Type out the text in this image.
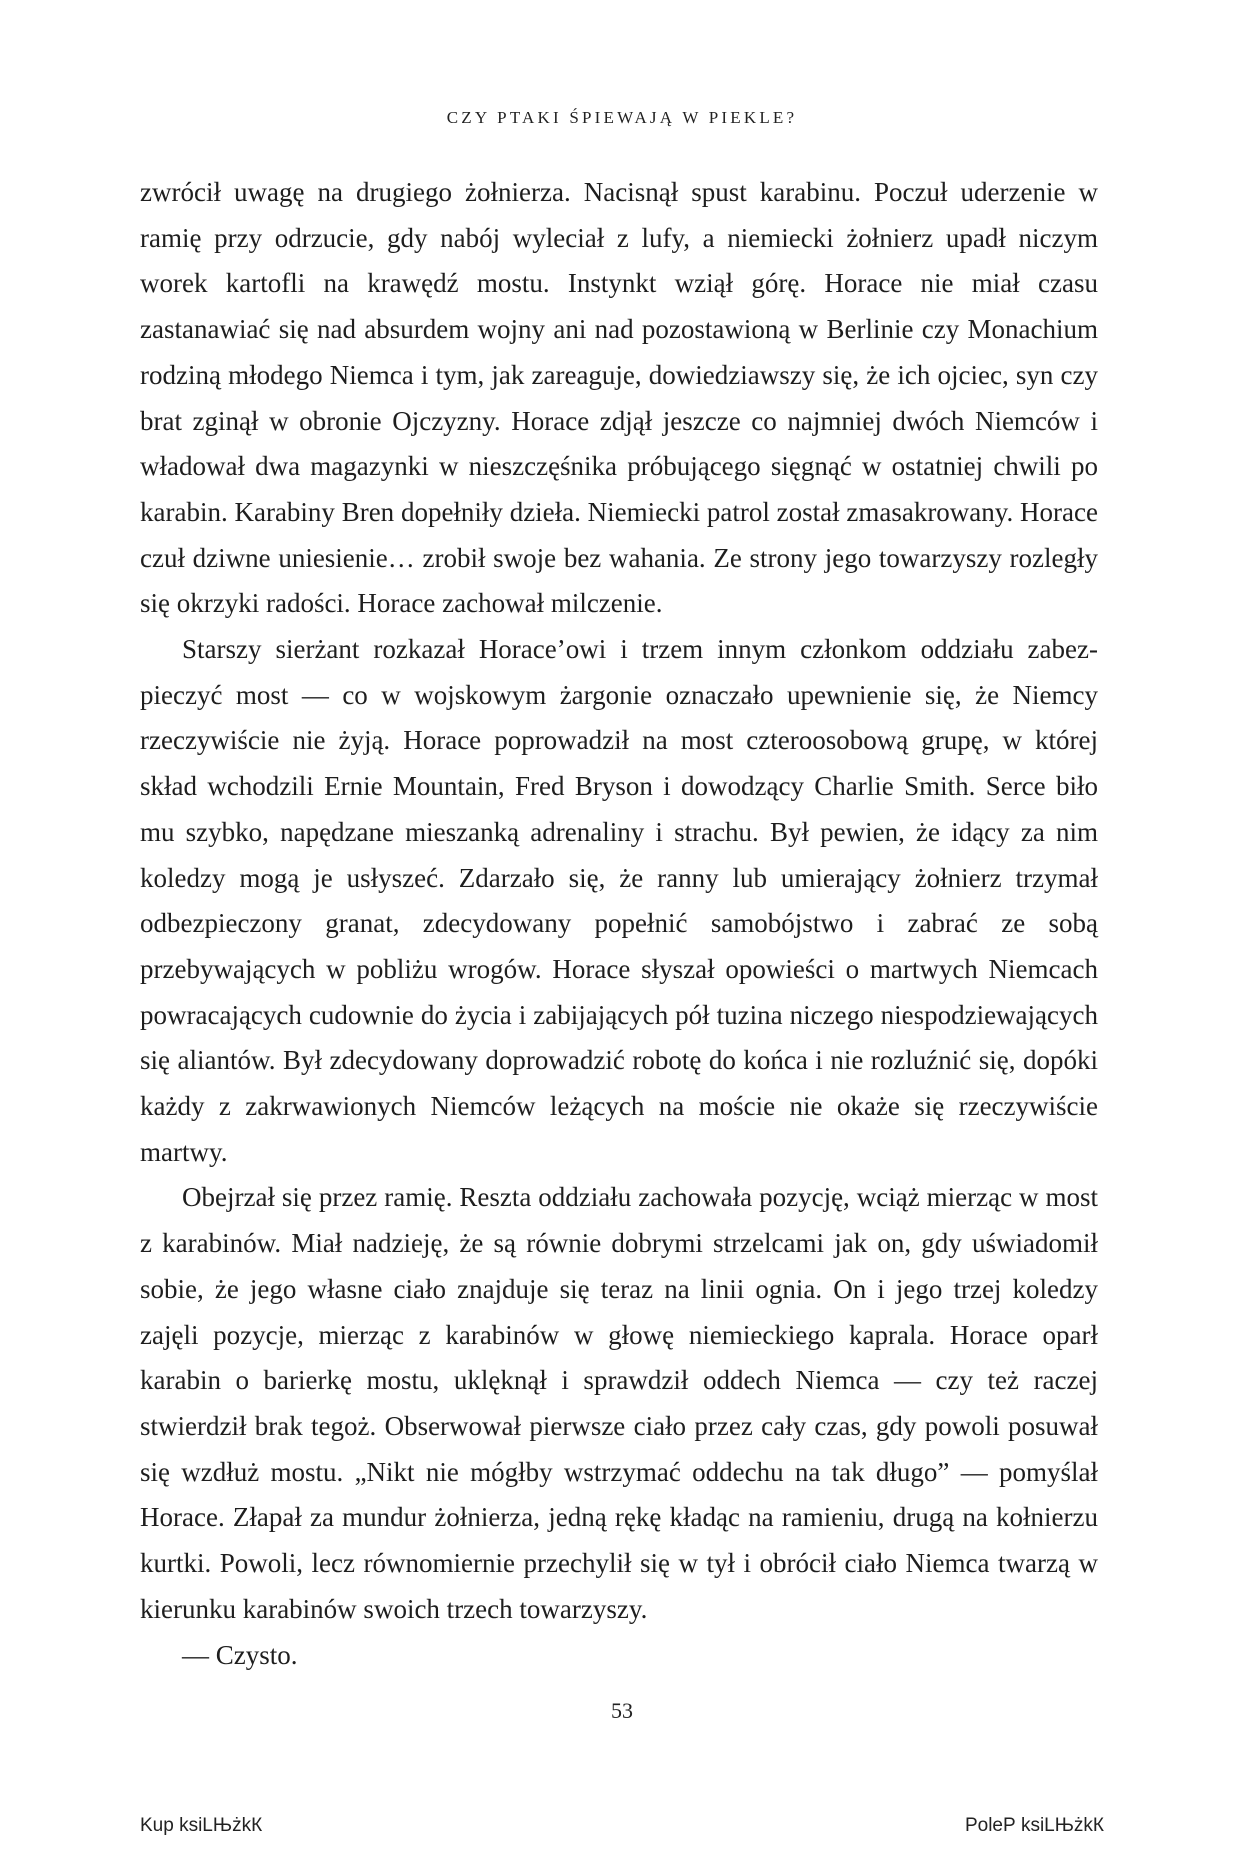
CZY PTAKI ŚPIEWAJĄ W PIEKLE?

zwrócił uwagę na drugiego żołnierza. Nacisnął spust karabinu. Poczuł uderzenie w ramię przy odrzucie, gdy nabój wyleciał z lufy, a niemiecki żołnierz upadł niczym worek kartofli na krawędź mostu. Instynkt wziął górę. Horace nie miał czasu zastanawiać się nad absurdem wojny ani nad pozostawioną w Berlinie czy Monachium rodziną młodego Niemca i tym, jak zareaguje, dowiedziawszy się, że ich ojciec, syn czy brat zginął w obronie Ojczyzny. Horace zdjął jeszcze co najmniej dwóch Niemców i władował dwa magazynki w nieszczęśnika próbującego sięgnąć w ostatniej chwili po karabin. Karabiny Bren dopełniły dzieła. Niemiecki patrol został zmasakrowany. Horace czuł dziwne uniesienie… zrobił swoje bez wahania. Ze strony jego towarzyszy rozległy się okrzyki radości. Horace zachował milczenie.

Starszy sierżant rozkazał Horace’owi i trzem innym członkom oddziału zabezpieczyć most — co w wojskowym żargonie oznaczało upewnienie się, że Niemcy rzeczywiście nie żyją. Horace poprowadził na most czteroosobową grupę, w której skład wchodzili Ernie Mountain, Fred Bryson i dowodzący Charlie Smith. Serce biło mu szybko, napędzane mieszanką adrenaliny i strachu. Był pewien, że idący za nim koledzy mogą je usłyszeć. Zdarzało się, że ranny lub umierający żołnierz trzymał odbezpieczony granat, zdecydowany popełnić samobójstwo i zabrać ze sobą przebywających w pobliżu wrogów. Horace słyszał opowieści o martwych Niemcach powracających cudownie do życia i zabijających pół tuzina niczego niespodziewających się aliantów. Był zdecydowany doprowadzić robotę do końca i nie rozluźnić się, dopóki każdy z zakrwawionych Niemców leżących na moście nie okaże się rzeczywiście martwy.

Obejrzał się przez ramię. Reszta oddziału zachowała pozycję, wciąż mierząc w most z karabinów. Miał nadzieję, że są równie dobrymi strzelcami jak on, gdy uświadomił sobie, że jego własne ciało znajduje się teraz na linii ognia. On i jego trzej koledzy zajęli pozycje, mierząc z karabinów w głowę niemieckiego kaprala. Horace oparł karabin o barierkę mostu, uklęknął i sprawdził oddech Niemca — czy też raczej stwierdził brak tegoż. Obserwował pierwsze ciało przez cały czas, gdy powoli posuwał się wzdłuż mostu. „Nikt nie mógłby wstrzymać oddechu na tak długo” — pomyślał Horace. Złapał za mundur żołnierza, jedną rękę kładąc na ramieniu, drugą na kołnierzu kurtki. Powoli, lecz równomiernie przechylił się w tył i obrócił ciało Niemca twarzą w kierunku karabinów swoich trzech towarzyszy.

— Czysto.

53
Kup ksiLЊżkК	PoleР ksiLЊżkК
